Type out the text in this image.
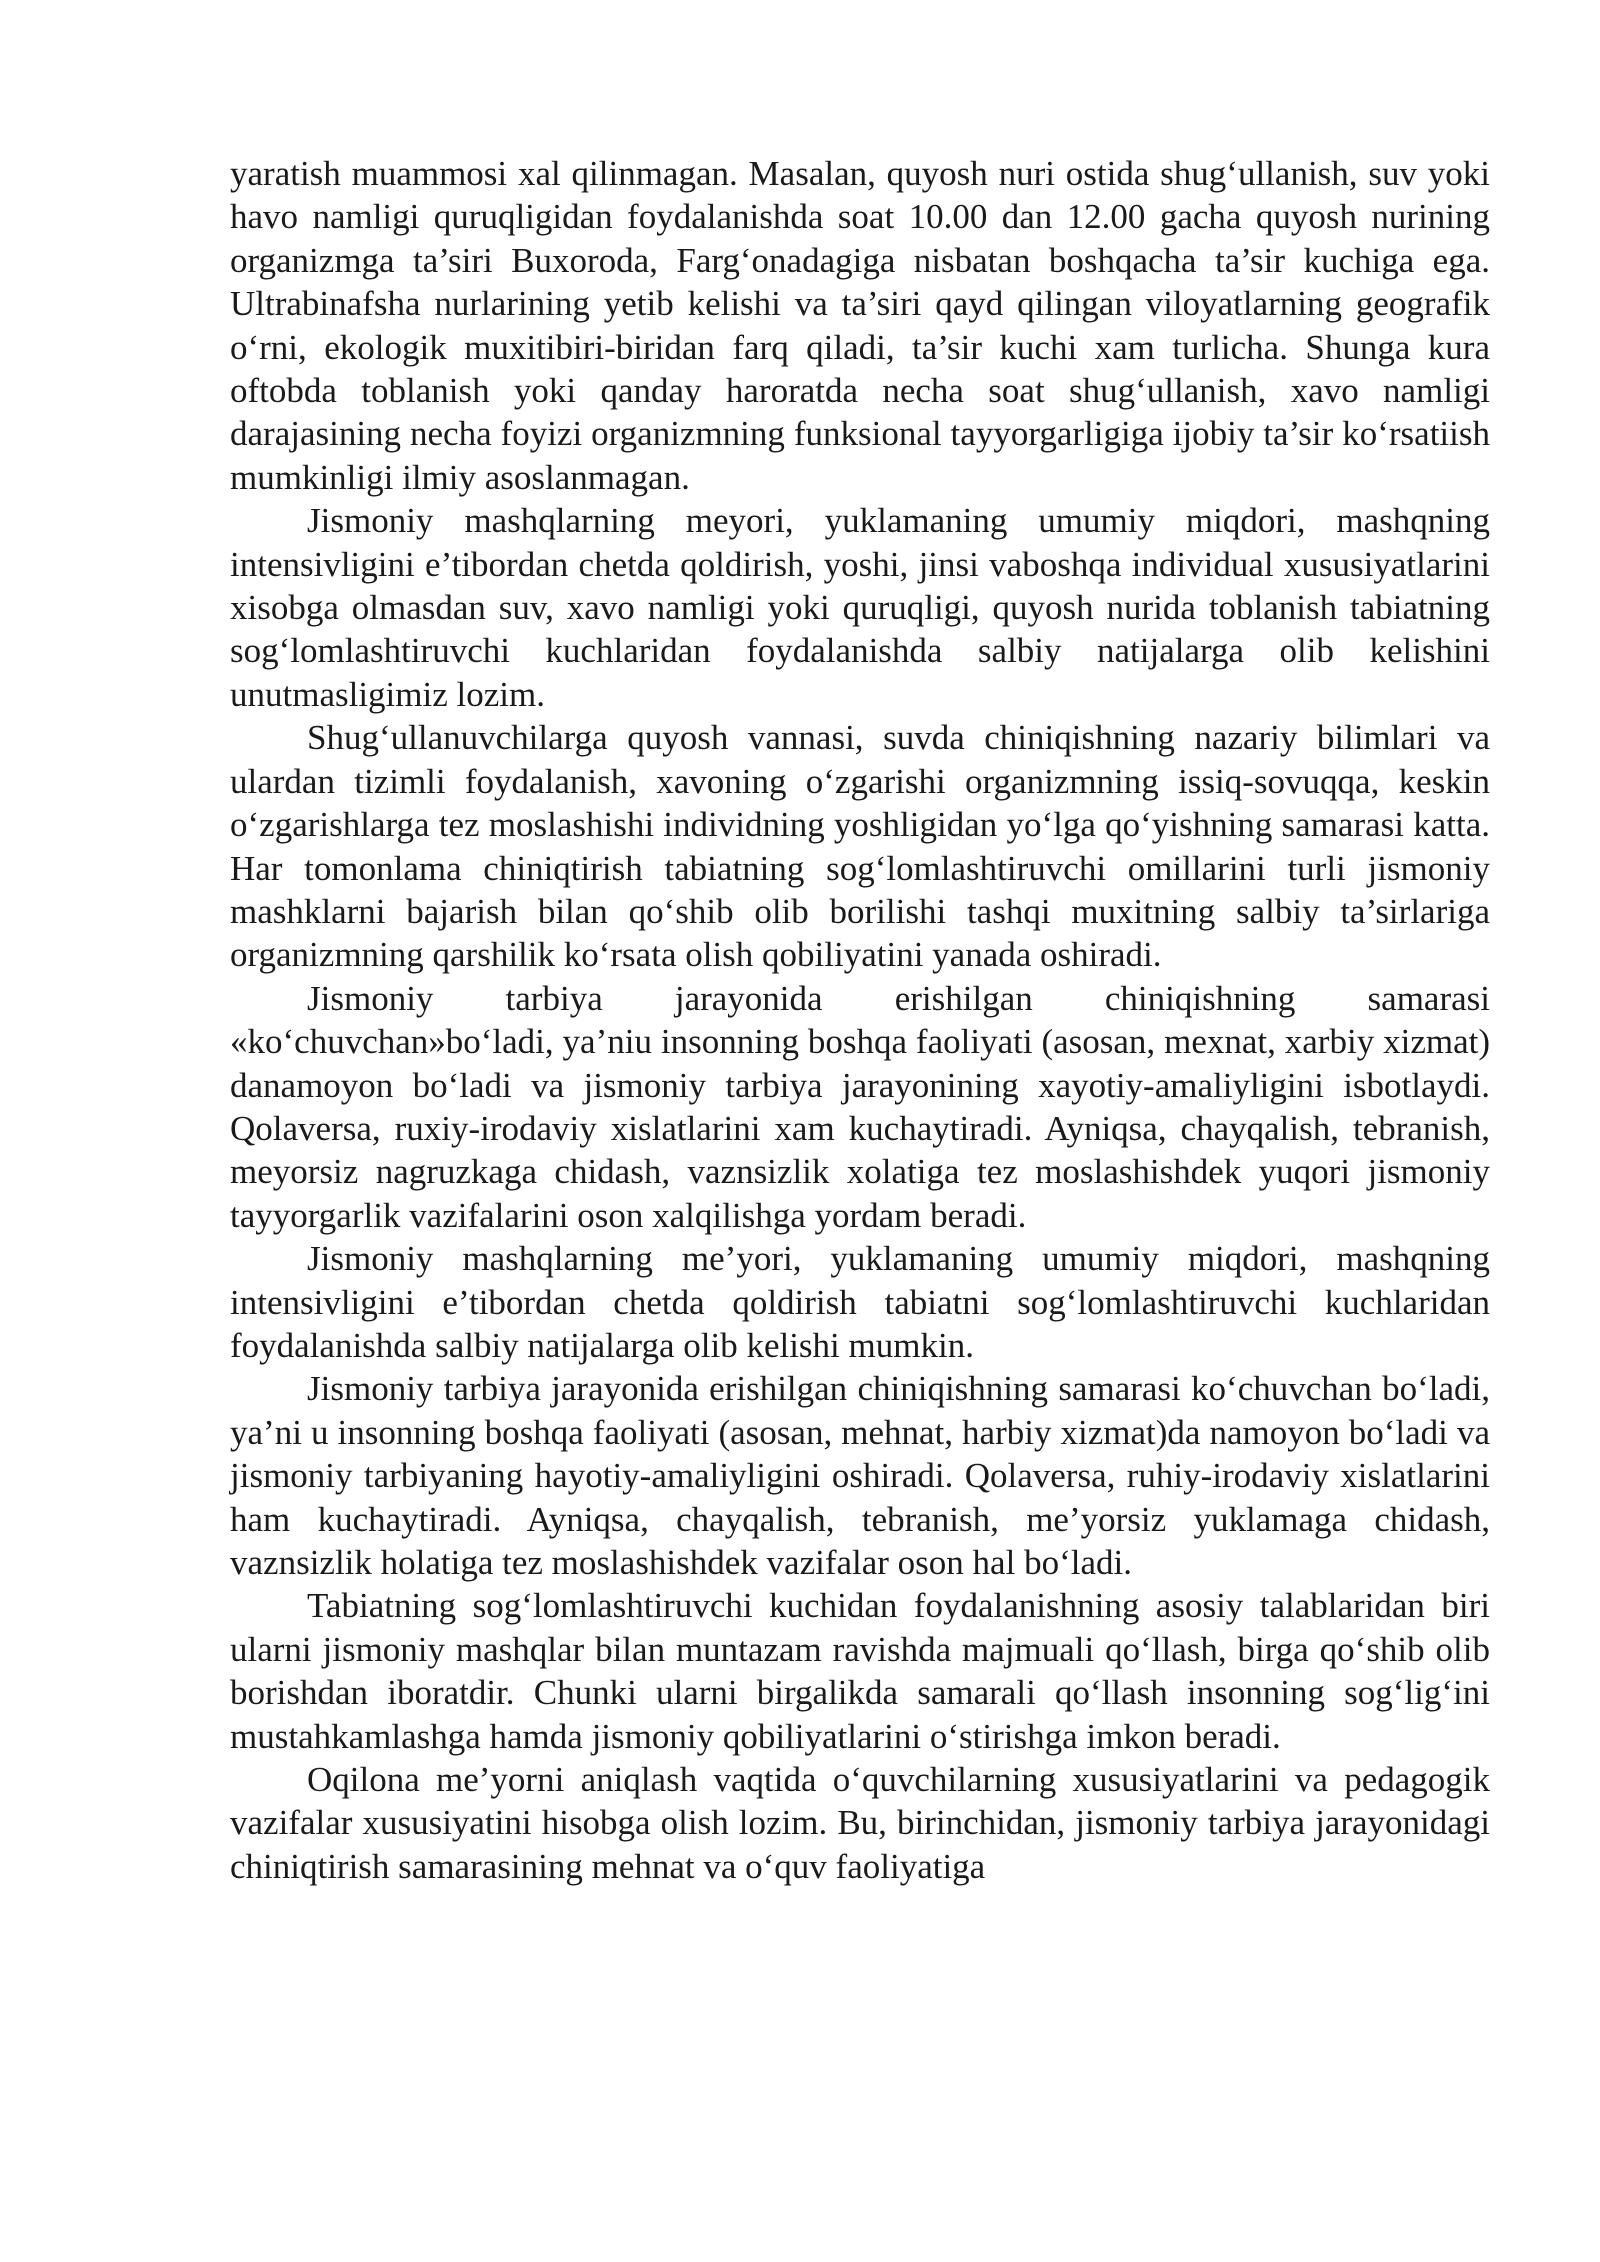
yaratish muammosi xal qilinmagan. Masalan, quyosh nuri ostida shug‘ullanish, suv yoki havo namligi quruqligidan foydalanishda soat 10.00 dan 12.00 gacha quyosh nurining organizmga ta’siri Buxoroda, Farg‘onadagiga nisbatan boshqacha ta’sir kuchiga ega. Ultrabinafsha nurlarining yetib kelishi va ta’siri qayd qilingan viloyatlarning geografik o‘rni, ekologik muxitibiri-biridan farq qiladi, ta’sir kuchi xam turlicha. Shunga kura oftobda toblanish yoki qanday haroratda necha soat shug‘ullanish, xavo namligi darajasining necha foyizi organizmning funksional tayyorgarligiga ijobiy ta’sir ko‘rsatiish mumkinligi ilmiy asoslanmagan.

Jismoniy mashqlarning meyori, yuklamaning umumiy miqdori, mashqning intensivligini e’tibordan chetda qoldirish, yoshi, jinsi vaboshqa individual xususiyatlarini xisobga olmasdan suv, xavo namligi yoki quruqligi, quyosh nurida toblanish tabiatning sog‘lomlashtiruvchi kuchlaridan foydalanishda salbiy natijalarga olib kelishini unutmasligimiz lozim.

Shug‘ullanuvchilarga quyosh vannasi, suvda chiniqishning nazariy bilimlari va ulardan tizimli foydalanish, xavoning o‘zgarishi organizmning issiq-sovuqqa, keskin o‘zgarishlarga tez moslashishi individning yoshligidan yo‘lga qo‘yishning samarasi katta. Har tomonlama chiniqtirish tabiatning sog‘lomlashtiruvchi omillarini turli jismoniy mashklarni bajarish bilan qo‘shib olib borilishi tashqi muxitning salbiy ta’sirlariga organizmning qarshilik ko‘rsata olish qobiliyatini yanada oshiradi.

Jismoniy tarbiya jarayonida erishilgan chiniqishning samarasi «ko‘chuvchan»bo‘ladi, ya’niu insonning boshqa faoliyati (asosan, mexnat, xarbiy xizmat) danamoyon bo‘ladi va jismoniy tarbiya jarayonining xayotiy-amaliyligini isbotlaydi. Qolaversa, ruxiy-irodaviy xislatlarini xam kuchaytiradi. Ayniqsa, chayqalish, tebranish, meyorsiz nagruzkaga chidash, vaznsizlik xolatiga tez moslashishdek yuqori jismoniy tayyorgarlik vazifalarini oson xalqilishga yordam beradi.

Jismoniy mashqlarning me’yori, yuklamaning umumiy miqdori, mashqning intensivligini e’tibordan chetda qoldirish tabiatni sog‘lomlashtiruvchi kuchlaridan foydalanishda salbiy natijalarga olib kelishi mumkin.

Jismoniy tarbiya jarayonida erishilgan chiniqishning samarasi ko‘chuvchan bo‘ladi, ya’ni u insonning boshqa faoliyati (asosan, mehnat, harbiy xizmat)da namoyon bo‘ladi va jismoniy tarbiyaning hayotiy-amaliyligini oshiradi. Qolaversa, ruhiy-irodaviy xislatlarini ham kuchaytiradi. Ayniqsa, chayqalish, tebranish, me’yorsiz yuklamaga chidash, vaznsizlik holatiga tez moslashishdek vazifalar oson hal bo‘ladi.

Tabiatning sog‘lomlashtiruvchi kuchidan foydalanishning asosiy talablaridan biri ularni jismoniy mashqlar bilan muntazam ravishda majmuali qo‘llash, birga qo‘shib olib borishdan iboratdir. Chunki ularni birgalikda samarali qo‘llash insonning sog‘lig‘ini mustahkamlashga hamda jismoniy qobiliyatlarini o‘stirishga imkon beradi.

Oqilona me’yorni aniqlash vaqtida o‘quvchilarning xususiyatlarini va pedagogik vazifalar xususiyatini hisobga olish lozim. Bu, birinchidan, jismoniy tarbiya jarayonidagi chiniqtirish samarasining mehnat va o‘quv faoliyatiga
